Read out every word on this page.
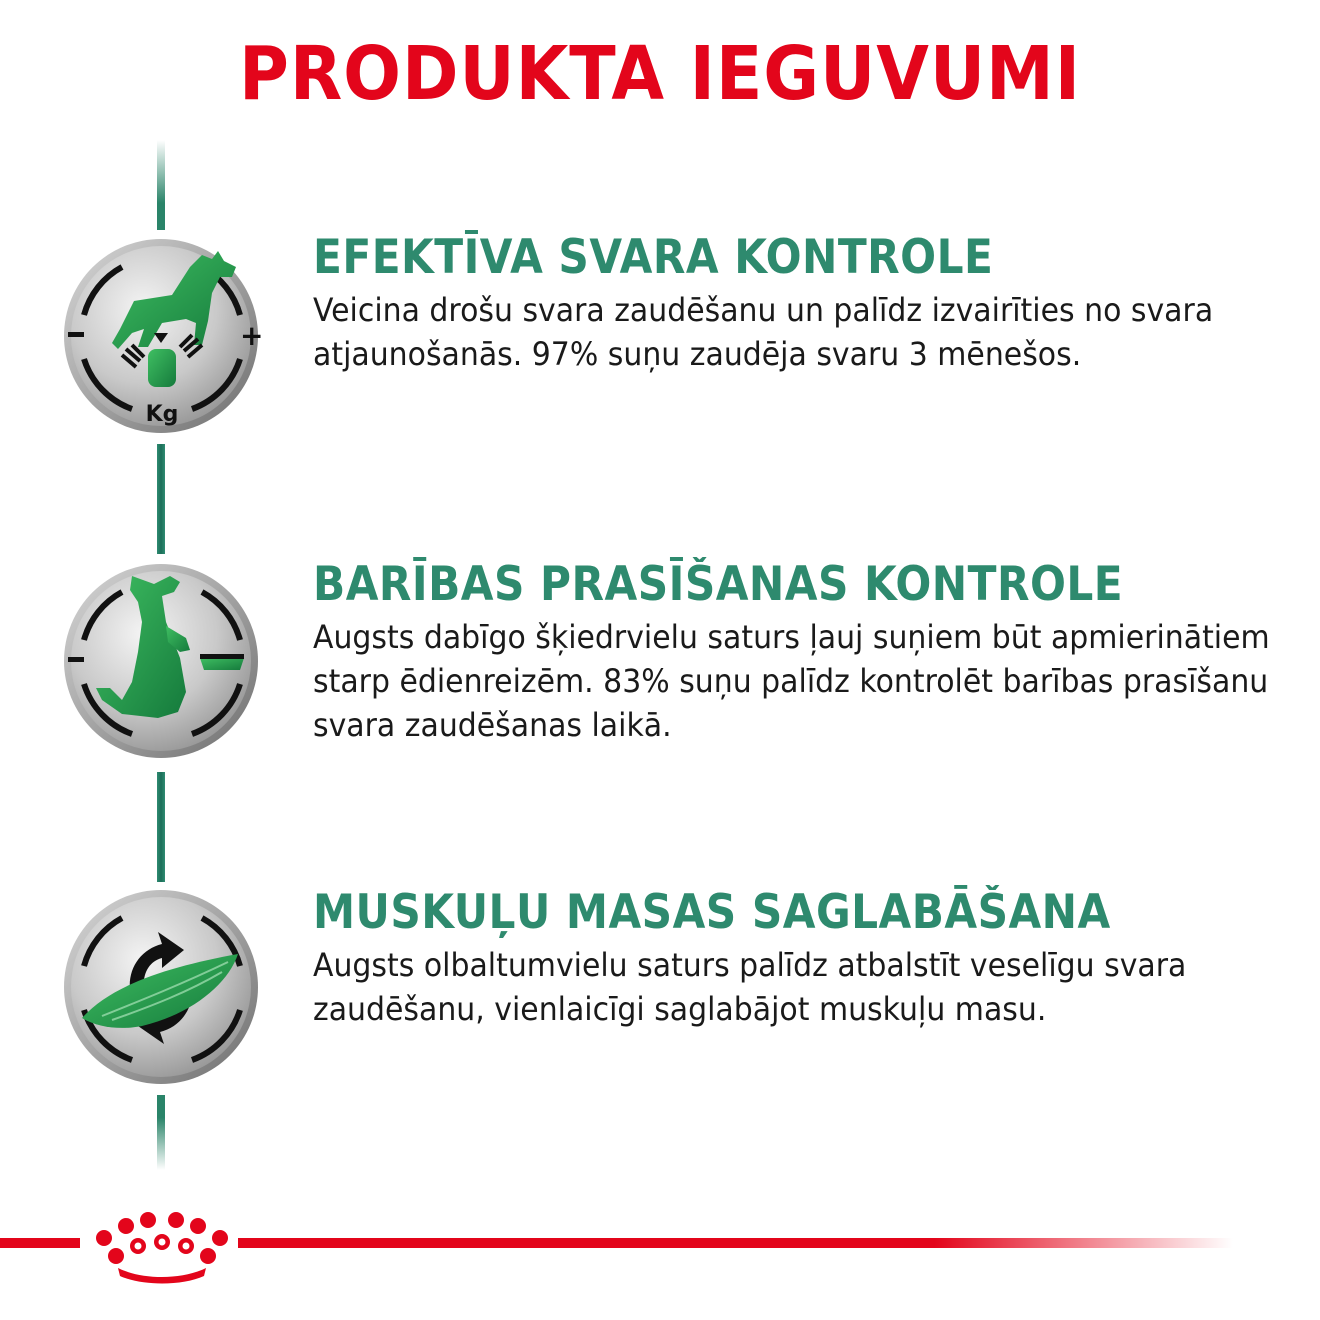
PRODUKTA IEGUVUMI
Kg
+
EFEKTĪVA SVARA KONTROLE
Veicina drošu svara zaudēšanu un palīdz izvairīties no svara atjaunošanās. 97% suņu zaudēja svaru 3 mēnešos.
BARĪBAS PRASĪŠANAS KONTROLE
Augsts dabīgo šķiedrvielu saturs ļauj suņiem būt apmierinātiem starp ēdienreizēm. 83% suņu palīdz kontrolēt barības prasīšanu svara zaudēšanas laikā.
MUSKUĻU MASAS SAGLABĀŠANA
Augsts olbaltumvielu saturs palīdz atbalstīt veselīgu svara zaudēšanu, vienlaicīgi saglabājot muskuļu masu.
